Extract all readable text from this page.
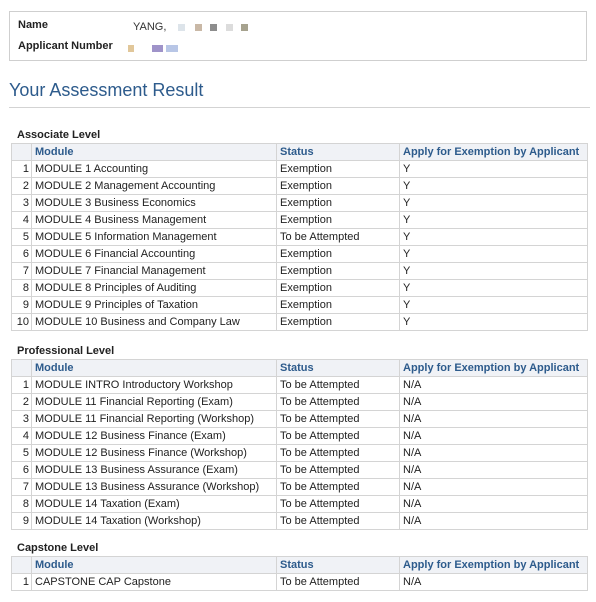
Name	YANG,
Applicant Number
Your Assessment Result
Associate Level
	Module	Status	Apply for Exemption by Applicant
1	MODULE 1 Accounting	Exemption	Y
2	MODULE 2 Management Accounting	Exemption	Y
3	MODULE 3 Business Economics	Exemption	Y
4	MODULE 4 Business Management	Exemption	Y
5	MODULE 5 Information Management	To be Attempted	Y
6	MODULE 6 Financial Accounting	Exemption	Y
7	MODULE 7 Financial Management	Exemption	Y
8	MODULE 8 Principles of Auditing	Exemption	Y
9	MODULE 9 Principles of Taxation	Exemption	Y
10	MODULE 10 Business and Company Law	Exemption	Y
Professional Level
	Module	Status	Apply for Exemption by Applicant
1	MODULE INTRO Introductory Workshop	To be Attempted	N/A
2	MODULE 11 Financial Reporting (Exam)	To be Attempted	N/A
3	MODULE 11 Financial Reporting (Workshop)	To be Attempted	N/A
4	MODULE 12 Business Finance (Exam)	To be Attempted	N/A
5	MODULE 12 Business Finance (Workshop)	To be Attempted	N/A
6	MODULE 13 Business Assurance (Exam)	To be Attempted	N/A
7	MODULE 13 Business Assurance (Workshop)	To be Attempted	N/A
8	MODULE 14 Taxation (Exam)	To be Attempted	N/A
9	MODULE 14 Taxation (Workshop)	To be Attempted	N/A
Capstone Level
	Module	Status	Apply for Exemption by Applicant
1	CAPSTONE CAP Capstone	To be Attempted	N/A
